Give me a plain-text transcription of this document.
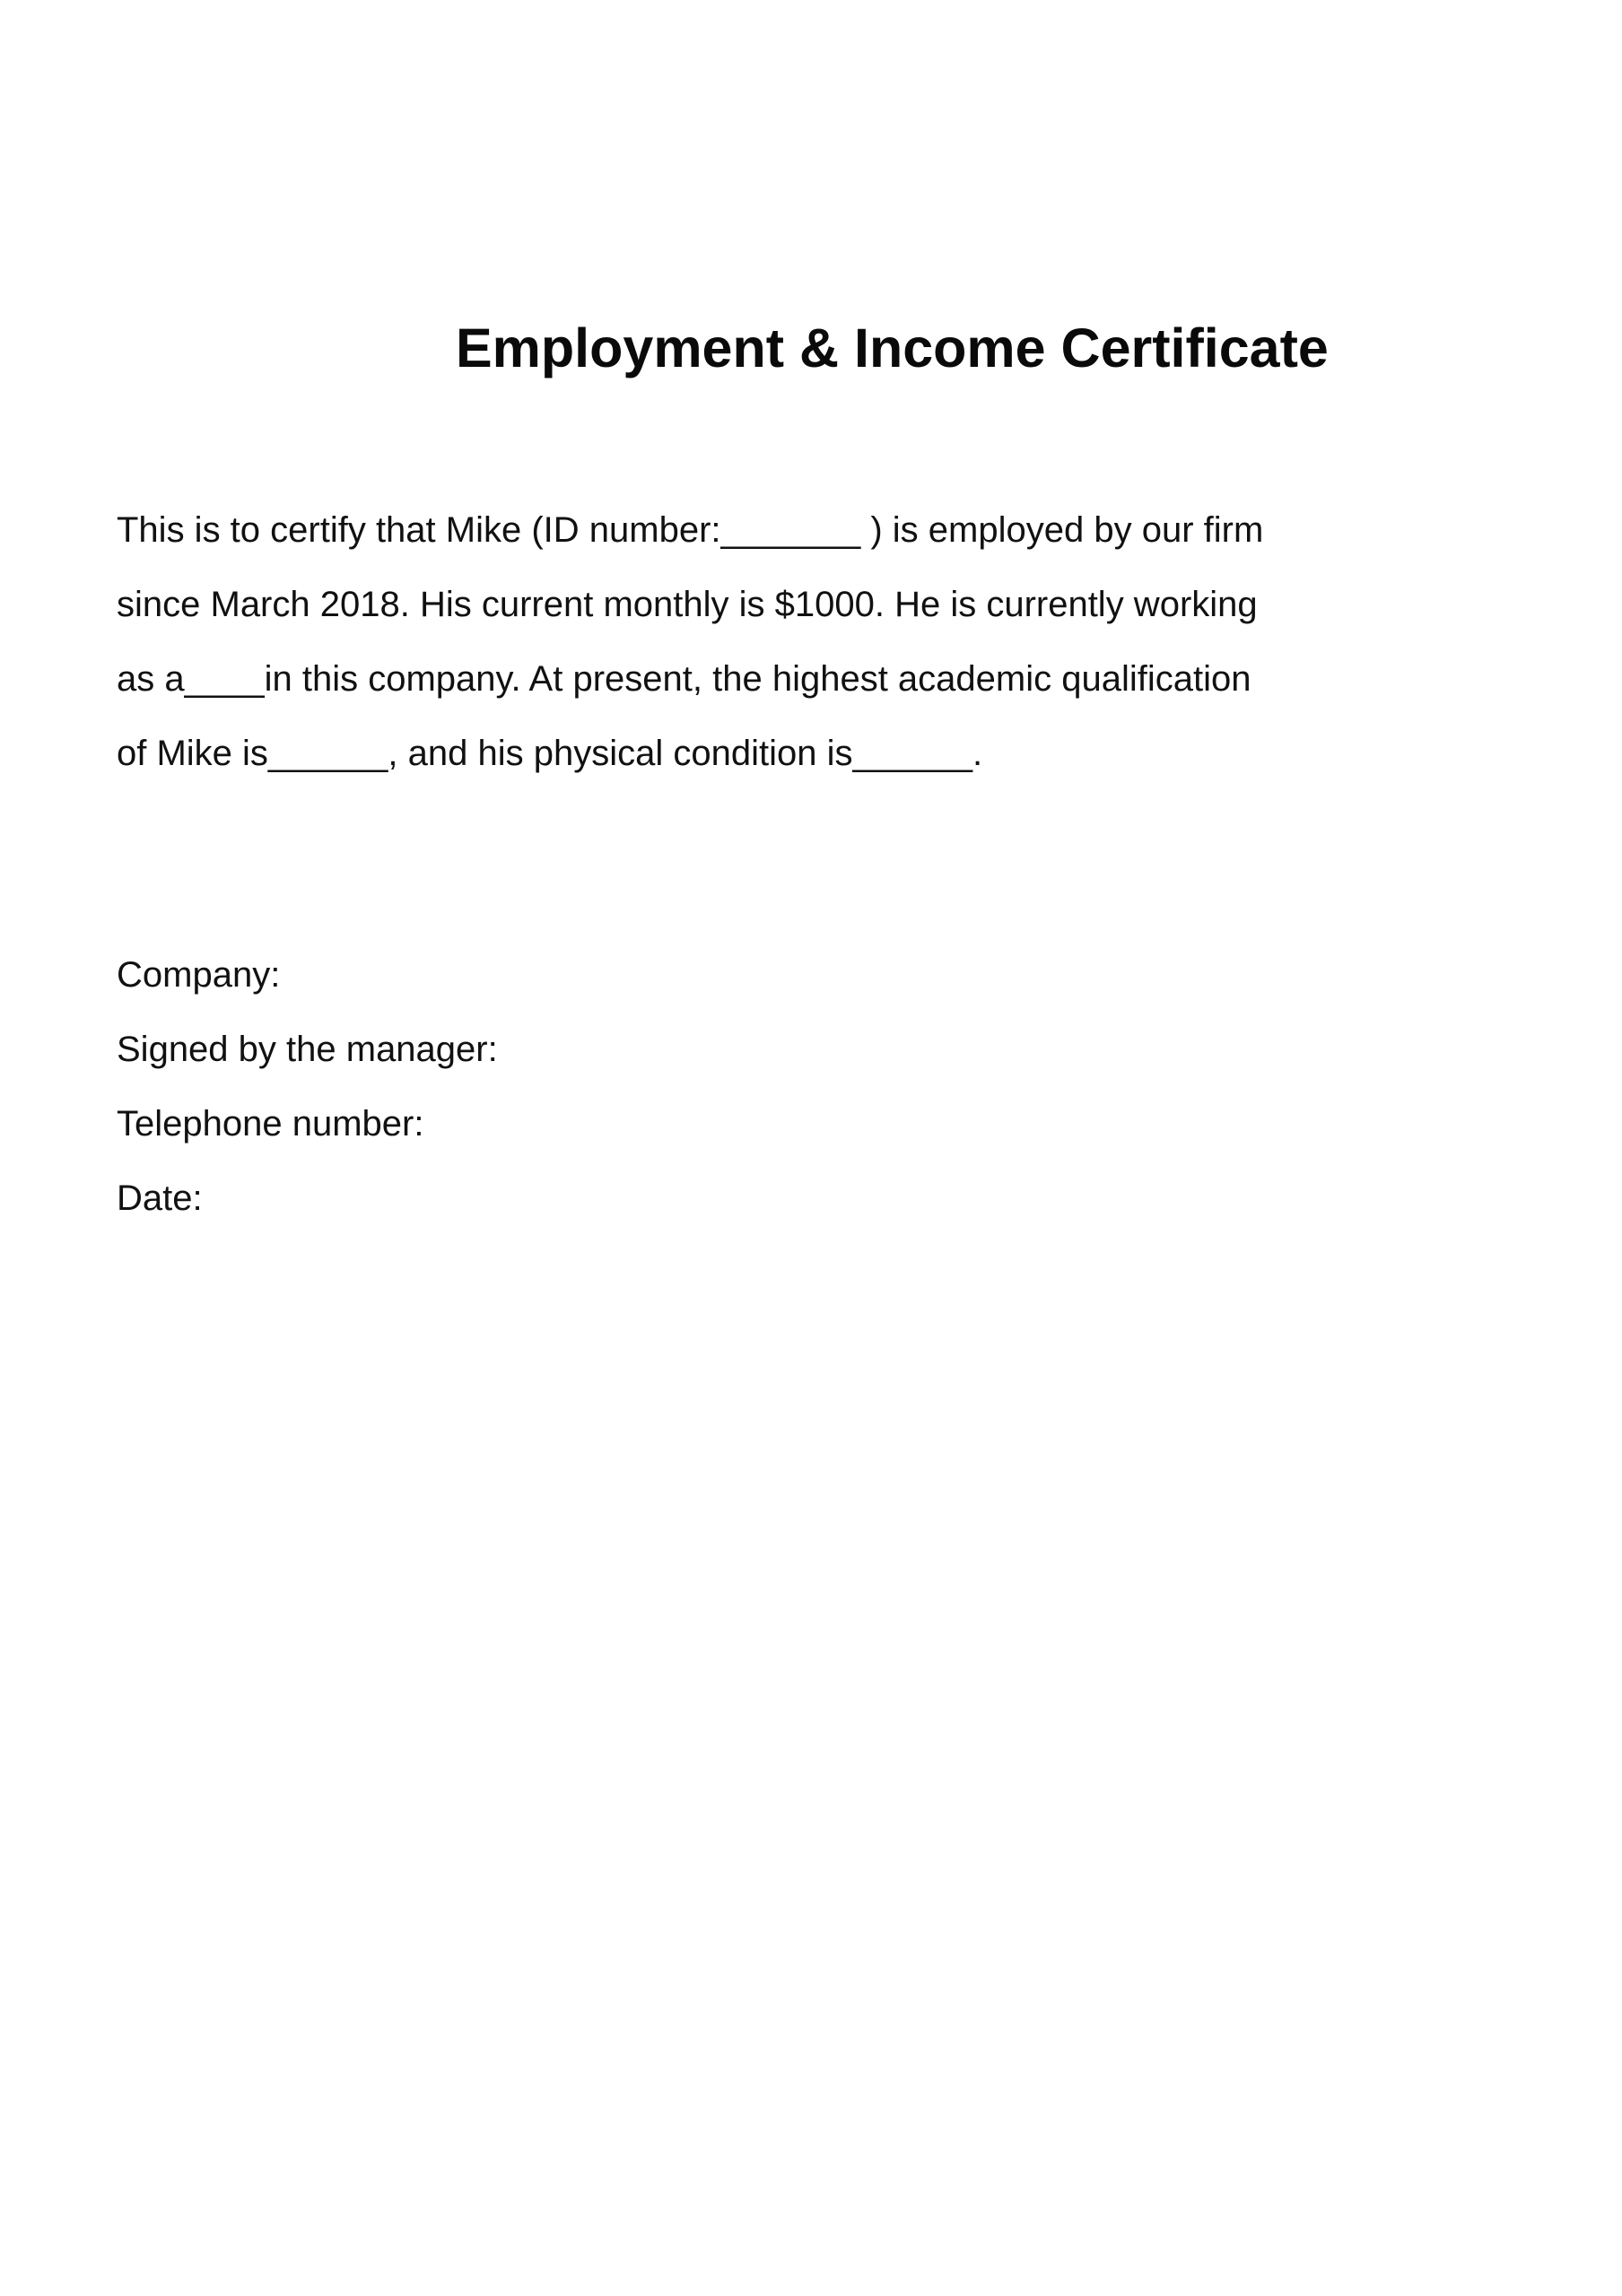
Employment & Income Certificate
This is to certify that Mike (ID number:_______ ) is employed by our firm
since March 2018. His current monthly is $1000. He is currently working
as a____in this company. At present, the highest academic qualification
of Mike is______, and his physical condition is______.
Company:
Signed by the manager:
Telephone number:
Date:
